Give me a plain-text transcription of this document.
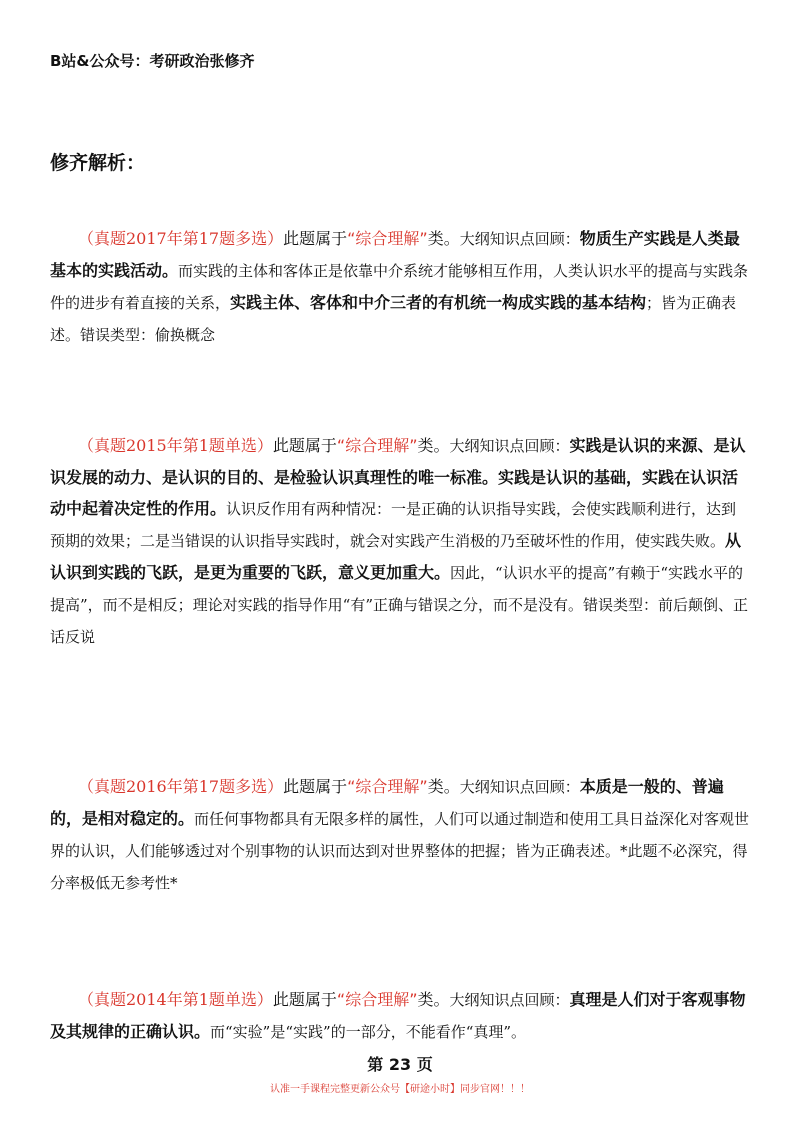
B站&公众号：考研政治张修齐
修齐解析：

（真题2017年第17题多选）此题属于“综合理解”类。大纲知识点回顾：物质生产实践是人类最基本的实践活动。而实践的主体和客体正是依靠中介系统才能够相互作用，人类认识水平的提高与实践条件的进步有着直接的关系，实践主体、客体和中介三者的有机统一构成实践的基本结构；皆为正确表述。错误类型：偷换概念

（真题2015年第1题单选）此题属于“综合理解”类。大纲知识点回顾：实践是认识的来源、是认识发展的动力、是认识的目的、是检验认识真理性的唯一标准。实践是认识的基础，实践在认识活动中起着决定性的作用。认识反作用有两种情况：一是正确的认识指导实践，会使实践顺利进行，达到预期的效果；二是当错误的认识指导实践时，就会对实践产生消极的乃至破坏性的作用，使实践失败。从认识到实践的飞跃，是更为重要的飞跃，意义更加重大。因此，“认识水平的提高”有赖于“实践水平的提高”，而不是相反；理论对实践的指导作用“有”正确与错误之分，而不是没有。错误类型：前后颠倒、正话反说

（真题2016年第17题多选）此题属于“综合理解”类。大纲知识点回顾：本质是一般的、普遍的，是相对稳定的。而任何事物都具有无限多样的属性，人们可以通过制造和使用工具日益深化对客观世界的认识，人们能够透过对个别事物的认识而达到对世界整体的把握；皆为正确表述。*此题不必深究，得分率极低无参考性*

（真题2014年第1题单选）此题属于“综合理解”类。大纲知识点回顾：真理是人们对于客观事物及其规律的正确认识。而“实验”是“实践”的一部分，不能看作“真理”。

第 23 页
认准一手课程完整更新公众号【研途小时】同步官网！！！
